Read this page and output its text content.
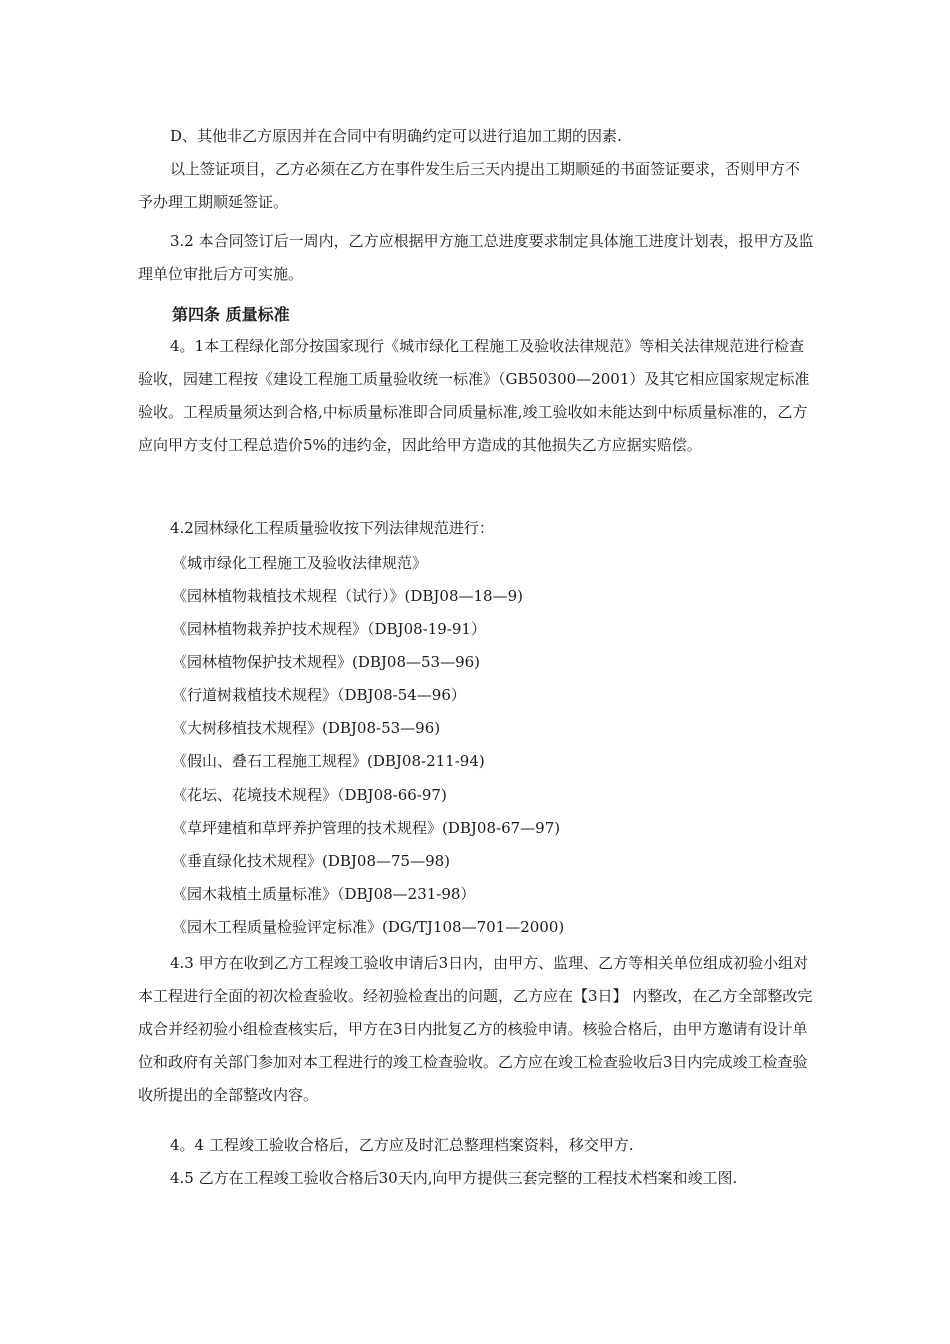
D、其他非乙方原因并在合同中有明确约定可以进行追加工期的因素.

以上签证项目，乙方必须在乙方在事件发生后三天内提出工期顺延的书面签证要求，否则甲方不予办理工期顺延签证。

3.2 本合同签订后一周内，乙方应根据甲方施工总进度要求制定具体施工进度计划表，报甲方及监理单位审批后方可实施。

第四条 质量标准

4。1本工程绿化部分按国家现行《城市绿化工程施工及验收法律规范》等相关法律规范进行检查验收，园建工程按《建设工程施工质量验收统一标准》（GB50300—2001）及其它相应国家规定标准验收。工程质量须达到合格,中标质量标准即合同质量标准,竣工验收如未能达到中标质量标准的，乙方应向甲方支付工程总造价5%的违约金，因此给甲方造成的其他损失乙方应据实赔偿。

4.2园林绿化工程质量验收按下列法律规范进行：

《城市绿化工程施工及验收法律规范》

《园林植物栽植技术规程（试行）》(DBJ08—18—9)

《园林植物栽养护技术规程》（DBJ08-19-91）

《园林植物保护技术规程》(DBJ08—53—96)

《行道树栽植技术规程》（DBJ08-54—96）

《大树移植技术规程》(DBJ08-53—96)

《假山、叠石工程施工规程》(DBJ08-211-94)

《花坛、花境技术规程》（DBJ08-66-97)

《草坪建植和草坪养护管理的技术规程》(DBJ08-67—97)

《垂直绿化技术规程》(DBJ08—75—98)

《园木栽植土质量标准》（DBJ08—231-98）

《园木工程质量检验评定标准》(DG/TJ108—701—2000)

4.3 甲方在收到乙方工程竣工验收申请后3日内，由甲方、监理、乙方等相关单位组成初验小组对本工程进行全面的初次检查验收。经初验检查出的问题，乙方应在【3日】 内整改，在乙方全部整改完成合并经初验小组检查核实后，甲方在3日内批复乙方的核验申请。核验合格后，由甲方邀请有设计单位和政府有关部门参加对本工程进行的竣工检查验收。乙方应在竣工检查验收后3日内完成竣工检查验收所提出的全部整改内容。

4。4 工程竣工验收合格后，乙方应及时汇总整理档案资料，移交甲方.

4.5 乙方在工程竣工验收合格后30天内,向甲方提供三套完整的工程技术档案和竣工图.
